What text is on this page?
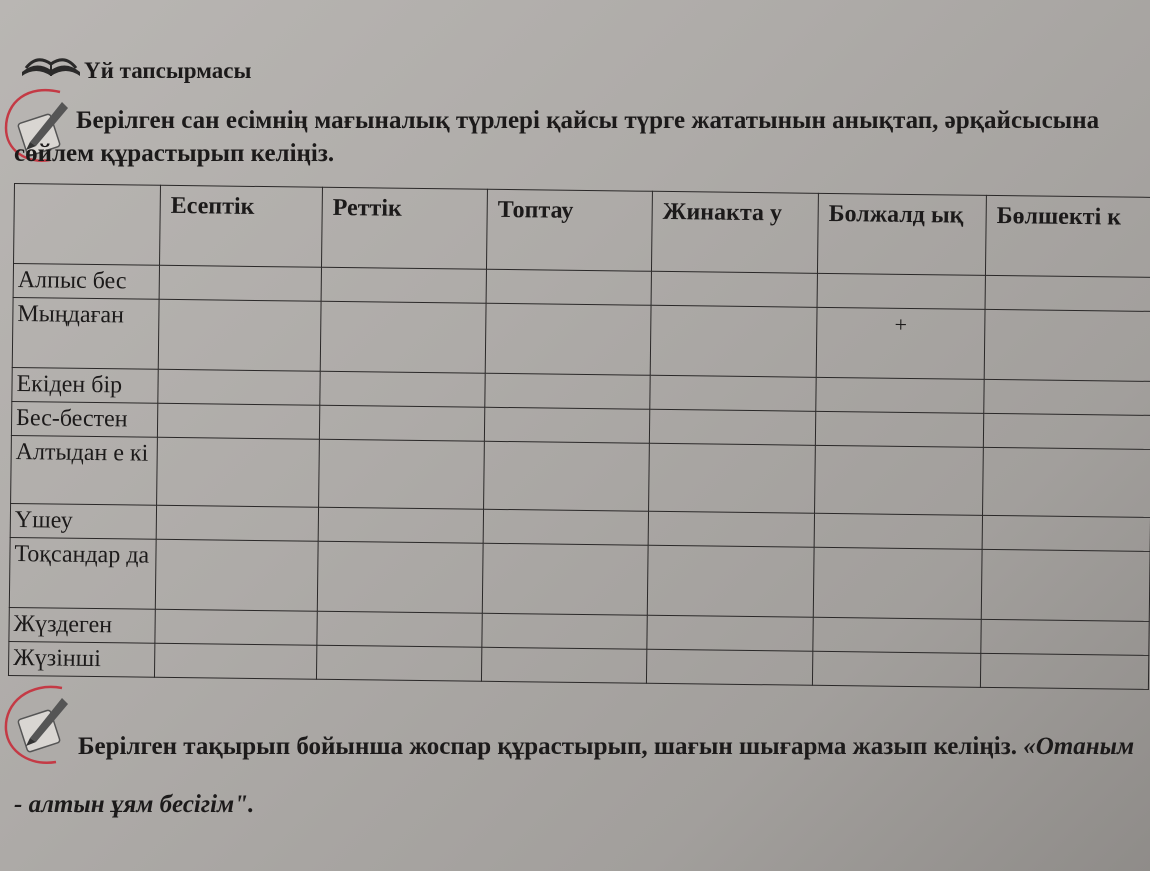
Үй тапсырмасы

Берілген сан есімнің мағыналық түрлері қайсы түрге жататынын анықтап, әрқайсысына сөйлем құрастырып келіңіз.

	Есептік	Реттік	Топтау	Жинакта у	Болжалд ық	Бөлшекті к
Алпыс бес						
Мыңдаған					+	
Екіден бір						
Бес-бестен						
Алтыдан е кі						
Үшеу						
Тоқсандар да						
Жүздеген						
Жүзінші						

Берілген тақырып бойынша жоспар құрастырып, шағын шығарма жазып келіңіз. «Отаным - алтын ұям бесігім".
